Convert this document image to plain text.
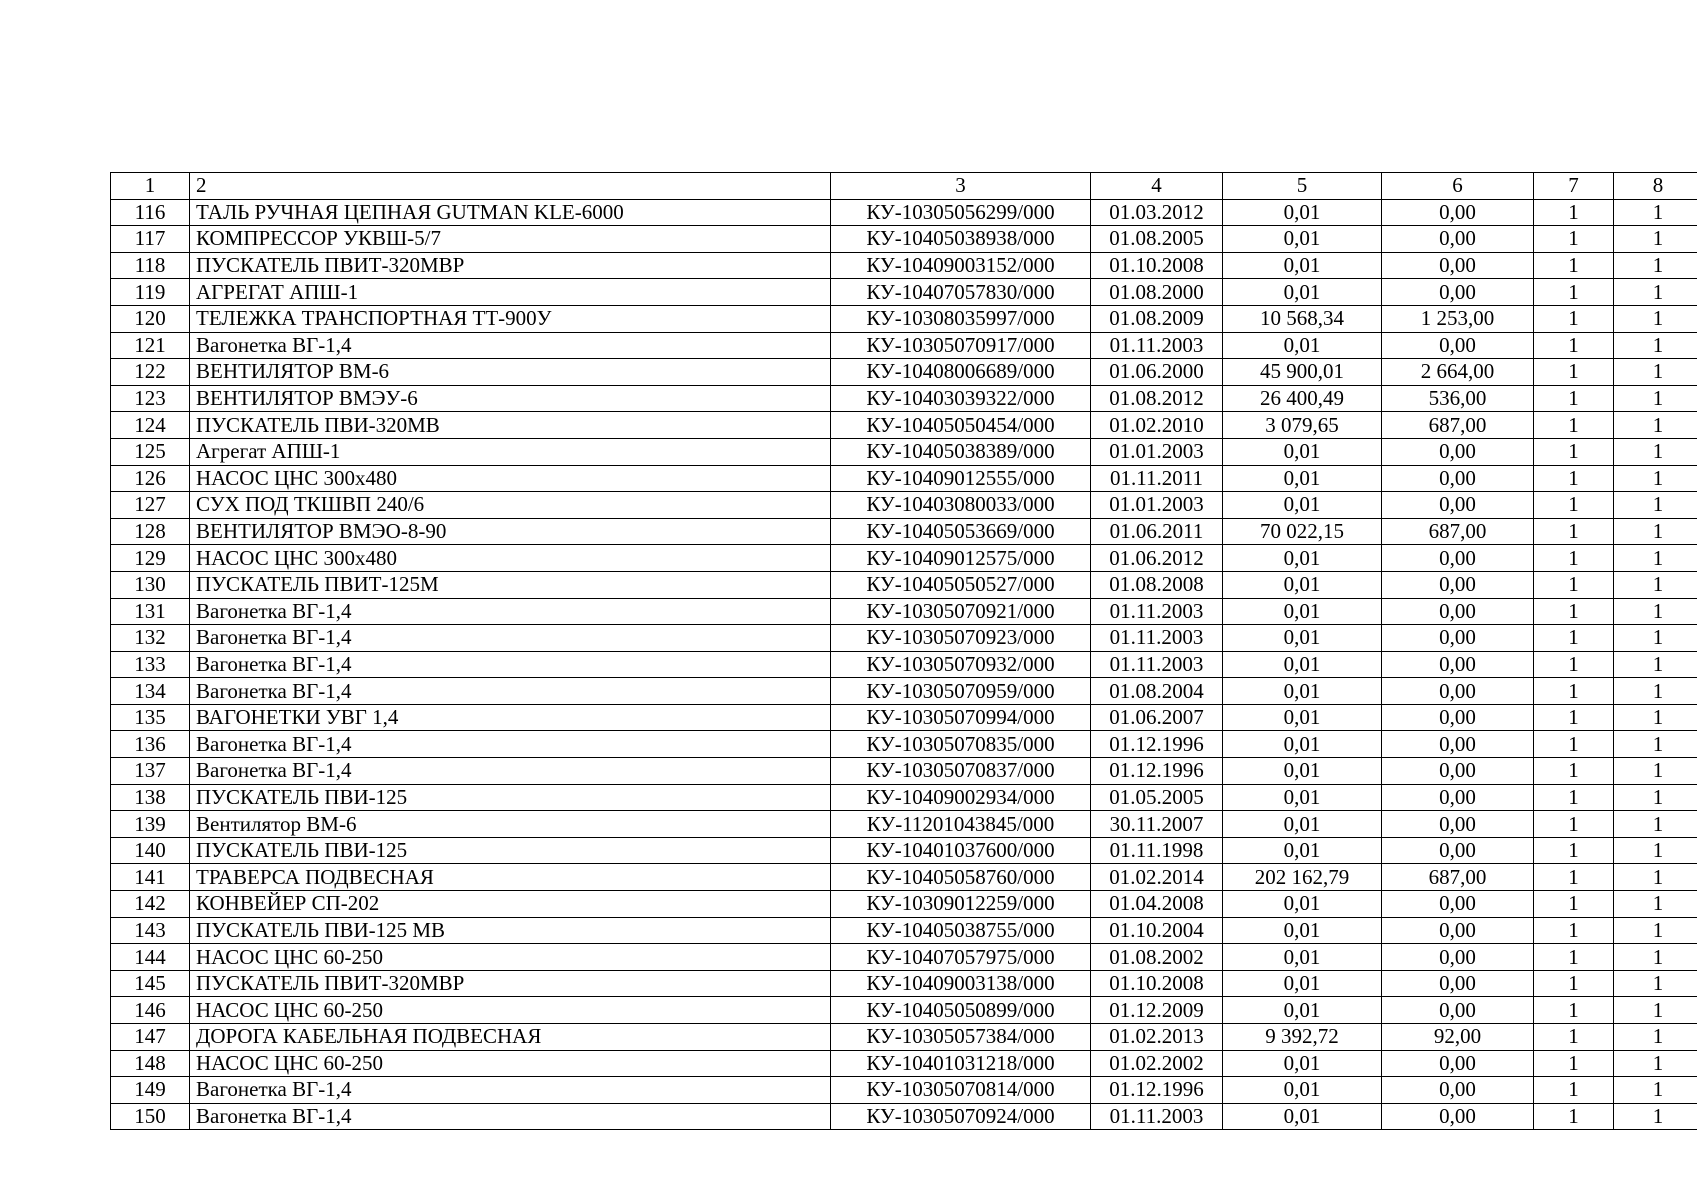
1	2	3	4	5	6	7	8
116	ТАЛЬ РУЧНАЯ ЦЕПНАЯ GUTMAN KLE-6000	КУ-10305056299/000	01.03.2012	0,01	0,00	1	1
117	КОМПРЕССОР УКВШ-5/7	КУ-10405038938/000	01.08.2005	0,01	0,00	1	1
118	ПУСКАТЕЛЬ ПВИТ-320МВР	КУ-10409003152/000	01.10.2008	0,01	0,00	1	1
119	АГРЕГАТ АПШ-1	КУ-10407057830/000	01.08.2000	0,01	0,00	1	1
120	ТЕЛЕЖКА ТРАНСПОРТНАЯ ТТ-900У	КУ-10308035997/000	01.08.2009	10 568,34	1 253,00	1	1
121	Вагонетка ВГ-1,4	КУ-10305070917/000	01.11.2003	0,01	0,00	1	1
122	ВЕНТИЛЯТОР ВМ-6	КУ-10408006689/000	01.06.2000	45 900,01	2 664,00	1	1
123	ВЕНТИЛЯТОР ВМЭУ-6	КУ-10403039322/000	01.08.2012	26 400,49	536,00	1	1
124	ПУСКАТЕЛЬ ПВИ-320МВ	КУ-10405050454/000	01.02.2010	3 079,65	687,00	1	1
125	Агрегат АПШ-1	КУ-10405038389/000	01.01.2003	0,01	0,00	1	1
126	НАСОС ЦНС 300х480	КУ-10409012555/000	01.11.2011	0,01	0,00	1	1
127	СУХ ПОД ТКШВП 240/6	КУ-10403080033/000	01.01.2003	0,01	0,00	1	1
128	ВЕНТИЛЯТОР ВМЭО-8-90	КУ-10405053669/000	01.06.2011	70 022,15	687,00	1	1
129	НАСОС ЦНС 300х480	КУ-10409012575/000	01.06.2012	0,01	0,00	1	1
130	ПУСКАТЕЛЬ ПВИТ-125М	КУ-10405050527/000	01.08.2008	0,01	0,00	1	1
131	Вагонетка ВГ-1,4	КУ-10305070921/000	01.11.2003	0,01	0,00	1	1
132	Вагонетка ВГ-1,4	КУ-10305070923/000	01.11.2003	0,01	0,00	1	1
133	Вагонетка ВГ-1,4	КУ-10305070932/000	01.11.2003	0,01	0,00	1	1
134	Вагонетка ВГ-1,4	КУ-10305070959/000	01.08.2004	0,01	0,00	1	1
135	ВАГОНЕТКИ УВГ 1,4	КУ-10305070994/000	01.06.2007	0,01	0,00	1	1
136	Вагонетка ВГ-1,4	КУ-10305070835/000	01.12.1996	0,01	0,00	1	1
137	Вагонетка ВГ-1,4	КУ-10305070837/000	01.12.1996	0,01	0,00	1	1
138	ПУСКАТЕЛЬ ПВИ-125	КУ-10409002934/000	01.05.2005	0,01	0,00	1	1
139	Вентилятор ВМ-6	КУ-11201043845/000	30.11.2007	0,01	0,00	1	1
140	ПУСКАТЕЛЬ ПВИ-125	КУ-10401037600/000	01.11.1998	0,01	0,00	1	1
141	ТРАВЕРСА ПОДВЕСНАЯ	КУ-10405058760/000	01.02.2014	202 162,79	687,00	1	1
142	КОНВЕЙЕР СП-202	КУ-10309012259/000	01.04.2008	0,01	0,00	1	1
143	ПУСКАТЕЛЬ ПВИ-125 МВ	КУ-10405038755/000	01.10.2004	0,01	0,00	1	1
144	НАСОС ЦНС 60-250	КУ-10407057975/000	01.08.2002	0,01	0,00	1	1
145	ПУСКАТЕЛЬ ПВИТ-320МВР	КУ-10409003138/000	01.10.2008	0,01	0,00	1	1
146	НАСОС ЦНС 60-250	КУ-10405050899/000	01.12.2009	0,01	0,00	1	1
147	ДОРОГА КАБЕЛЬНАЯ ПОДВЕСНАЯ	КУ-10305057384/000	01.02.2013	9 392,72	92,00	1	1
148	НАСОС ЦНС 60-250	КУ-10401031218/000	01.02.2002	0,01	0,00	1	1
149	Вагонетка ВГ-1,4	КУ-10305070814/000	01.12.1996	0,01	0,00	1	1
150	Вагонетка ВГ-1,4	КУ-10305070924/000	01.11.2003	0,01	0,00	1	1
